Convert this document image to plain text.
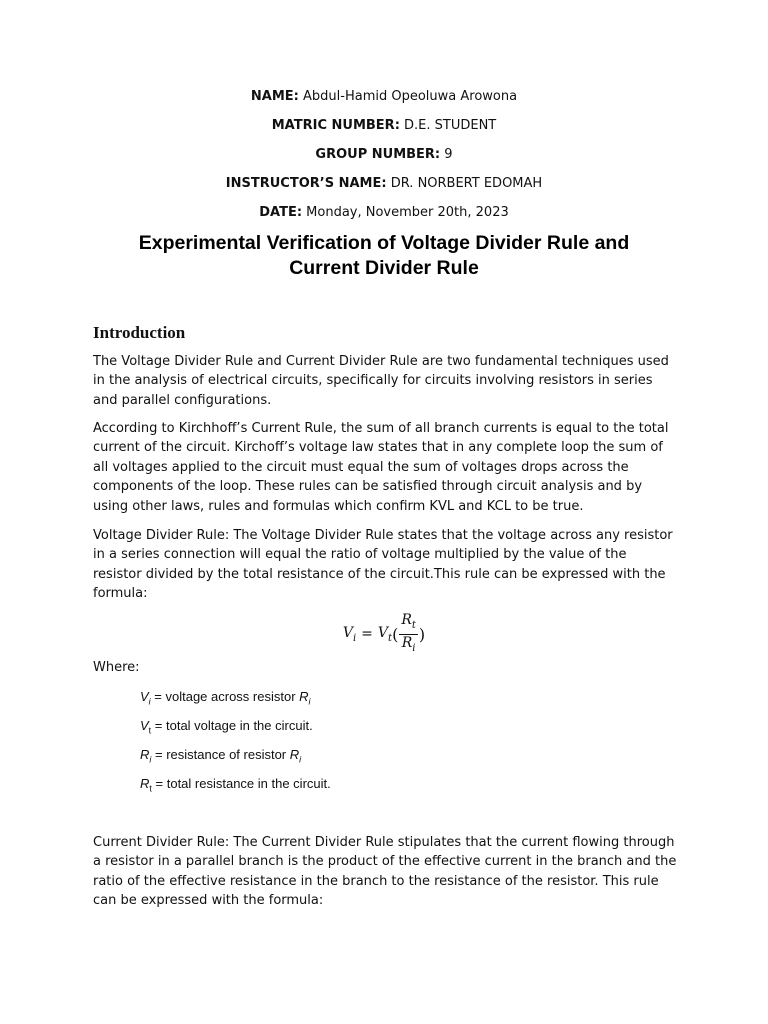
NAME: Abdul-Hamid Opeoluwa Arowona
MATRIC NUMBER: D.E. STUDENT
GROUP NUMBER: 9
INSTRUCTOR’S NAME: DR. NORBERT EDOMAH
DATE: Monday, November 20th, 2023
Experimental Verification of Voltage Divider Rule and
Current Divider Rule
Introduction

The Voltage Divider Rule and Current Divider Rule are two fundamental techniques used in the analysis of electrical circuits, specifically for circuits involving resistors in series and parallel configurations.

According to Kirchhoff’s Current Rule, the sum of all branch currents is equal to the total current of the circuit. Kirchoff’s voltage law states that in any complete loop the sum of all voltages applied to the circuit must equal the sum of voltages drops across the components of the loop. These rules can be satisfied through circuit analysis and by using other laws, rules and formulas which confirm KVL and KCL to be true.

Voltage Divider Rule: The Voltage Divider Rule states that the voltage across any resistor in a series connection will equal the ratio of voltage multiplied by the value of the resistor divided by the total resistance of the circuit.This rule can be expressed with the formula:

$V_i = V_t$ ( $\frac{R_t}{R_i}$ )
Where:
$V_i$ = voltage across resistor $R_i$
$V_t$ = total voltage in the circuit.
$R_i$ = resistance of resistor $R_i$
$R_t$ = total resistance in the circuit.

Current Divider Rule: The Current Divider Rule stipulates that the current flowing through a resistor in a parallel branch is the product of the effective current in the branch and the ratio of the effective resistance in the branch to the resistance of the resistor. This rule can be expressed with the formula:
